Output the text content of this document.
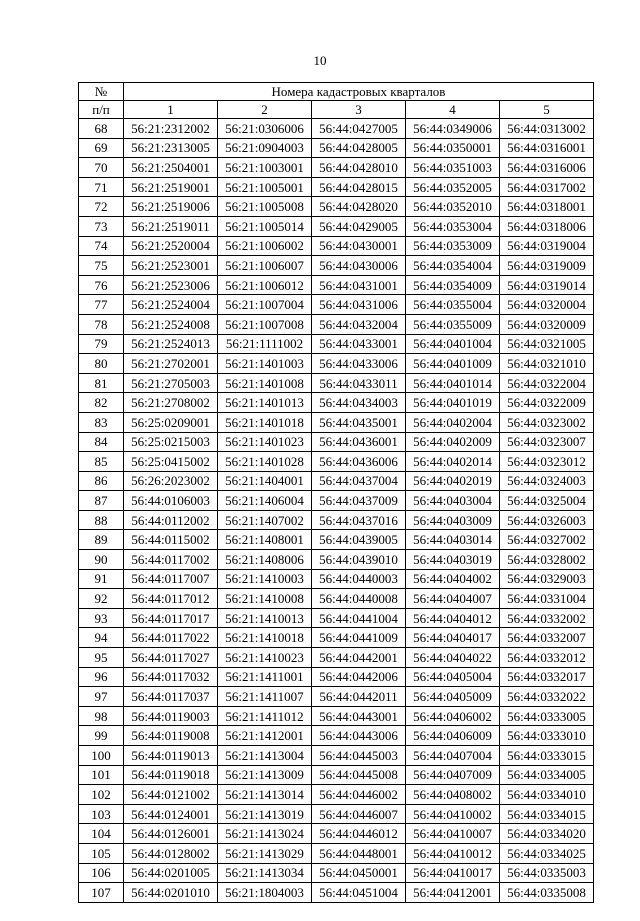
10
№	Номера кадастровых кварталов				
п/п	1	2	3	4	5
68	56:21:2312002	56:21:0306006	56:44:0427005	56:44:0349006	56:44:0313002
69	56:21:2313005	56:21:0904003	56:44:0428005	56:44:0350001	56:44:0316001
70	56:21:2504001	56:21:1003001	56:44:0428010	56:44:0351003	56:44:0316006
71	56:21:2519001	56:21:1005001	56:44:0428015	56:44:0352005	56:44:0317002
72	56:21:2519006	56:21:1005008	56:44:0428020	56:44:0352010	56:44:0318001
73	56:21:2519011	56:21:1005014	56:44:0429005	56:44:0353004	56:44:0318006
74	56:21:2520004	56:21:1006002	56:44:0430001	56:44:0353009	56:44:0319004
75	56:21:2523001	56:21:1006007	56:44:0430006	56:44:0354004	56:44:0319009
76	56:21:2523006	56:21:1006012	56:44:0431001	56:44:0354009	56:44:0319014
77	56:21:2524004	56:21:1007004	56:44:0431006	56:44:0355004	56:44:0320004
78	56:21:2524008	56:21:1007008	56:44:0432004	56:44:0355009	56:44:0320009
79	56:21:2524013	56:21:1111002	56:44:0433001	56:44:0401004	56:44:0321005
80	56:21:2702001	56:21:1401003	56:44:0433006	56:44:0401009	56:44:0321010
81	56:21:2705003	56:21:1401008	56:44:0433011	56:44:0401014	56:44:0322004
82	56:21:2708002	56:21:1401013	56:44:0434003	56:44:0401019	56:44:0322009
83	56:25:0209001	56:21:1401018	56:44:0435001	56:44:0402004	56:44:0323002
84	56:25:0215003	56:21:1401023	56:44:0436001	56:44:0402009	56:44:0323007
85	56:25:0415002	56:21:1401028	56:44:0436006	56:44:0402014	56:44:0323012
86	56:26:2023002	56:21:1404001	56:44:0437004	56:44:0402019	56:44:0324003
87	56:44:0106003	56:21:1406004	56:44:0437009	56:44:0403004	56:44:0325004
88	56:44:0112002	56:21:1407002	56:44:0437016	56:44:0403009	56:44:0326003
89	56:44:0115002	56:21:1408001	56:44:0439005	56:44:0403014	56:44:0327002
90	56:44:0117002	56:21:1408006	56:44:0439010	56:44:0403019	56:44:0328002
91	56:44:0117007	56:21:1410003	56:44:0440003	56:44:0404002	56:44:0329003
92	56:44:0117012	56:21:1410008	56:44:0440008	56:44:0404007	56:44:0331004
93	56:44:0117017	56:21:1410013	56:44:0441004	56:44:0404012	56:44:0332002
94	56:44:0117022	56:21:1410018	56:44:0441009	56:44:0404017	56:44:0332007
95	56:44:0117027	56:21:1410023	56:44:0442001	56:44:0404022	56:44:0332012
96	56:44:0117032	56:21:1411001	56:44:0442006	56:44:0405004	56:44:0332017
97	56:44:0117037	56:21:1411007	56:44:0442011	56:44:0405009	56:44:0332022
98	56:44:0119003	56:21:1411012	56:44:0443001	56:44:0406002	56:44:0333005
99	56:44:0119008	56:21:1412001	56:44:0443006	56:44:0406009	56:44:0333010
100	56:44:0119013	56:21:1413004	56:44:0445003	56:44:0407004	56:44:0333015
101	56:44:0119018	56:21:1413009	56:44:0445008	56:44:0407009	56:44:0334005
102	56:44:0121002	56:21:1413014	56:44:0446002	56:44:0408002	56:44:0334010
103	56:44:0124001	56:21:1413019	56:44:0446007	56:44:0410002	56:44:0334015
104	56:44:0126001	56:21:1413024	56:44:0446012	56:44:0410007	56:44:0334020
105	56:44:0128002	56:21:1413029	56:44:0448001	56:44:0410012	56:44:0334025
106	56:44:0201005	56:21:1413034	56:44:0450001	56:44:0410017	56:44:0335003
107	56:44:0201010	56:21:1804003	56:44:0451004	56:44:0412001	56:44:0335008
